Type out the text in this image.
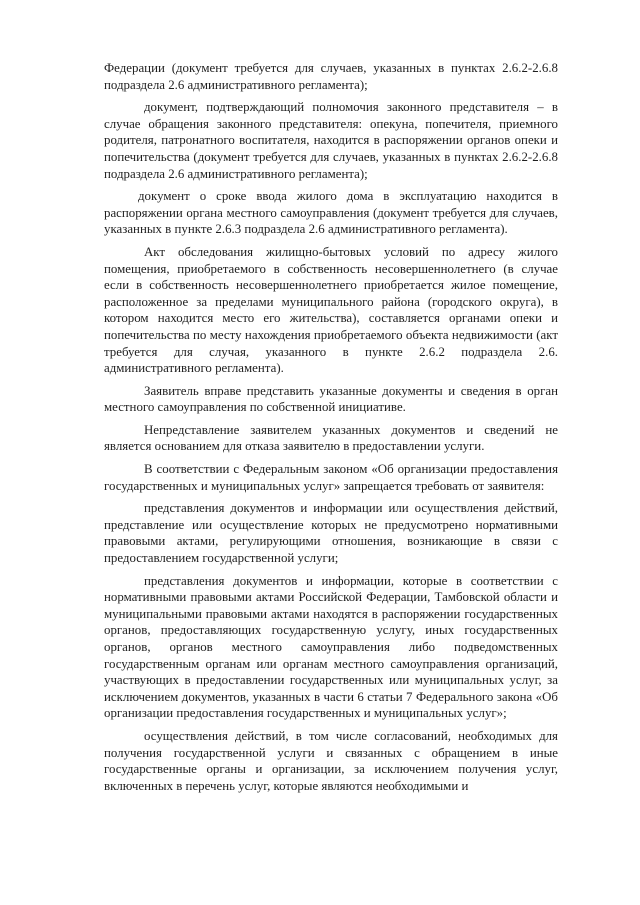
Федерации (документ требуется для случаев, указанных в пунктах 2.6.2-2.6.8 подраздела 2.6 административного регламента);

документ, подтверждающий полномочия законного представителя – в случае обращения законного представителя: опекуна, попечителя, приемного родителя, патронатного воспитателя, находится в распоряжении органов опеки и попечительства (документ требуется для случаев, указанных в пунктах 2.6.2-2.6.8 подраздела 2.6 административного регламента);

документ о сроке ввода жилого дома в эксплуатацию находится в распоряжении органа местного самоуправления (документ требуется для случаев, указанных в пункте 2.6.3 подраздела 2.6 административного регламента).

Акт обследования жилищно-бытовых условий по адресу жилого помещения, приобретаемого в собственность несовершеннолетнего (в случае если в собственность несовершеннолетнего приобретается жилое помещение, расположенное за пределами муниципального района (городского округа), в котором находится место его жительства), составляется органами опеки и попечительства по месту нахождения приобретаемого объекта недвижимости (акт требуется для случая, указанного в пункте 2.6.2 подраздела 2.6. административного регламента).

Заявитель вправе представить указанные документы и сведения в орган местного самоуправления по собственной инициативе.

Непредставление заявителем указанных документов и сведений не является основанием для отказа заявителю в предоставлении услуги.

В соответствии с Федеральным законом «Об организации предоставления государственных и муниципальных услуг» запрещается требовать от заявителя:

представления документов и информации или осуществления действий, представление или осуществление которых не предусмотрено нормативными правовыми актами, регулирующими отношения, возникающие в связи с предоставлением государственной услуги;

представления документов и информации, которые в соответствии с нормативными правовыми актами Российской Федерации, Тамбовской области и муниципальными правовыми актами находятся в распоряжении государственных органов, предоставляющих государственную услугу, иных государственных органов, органов местного самоуправления либо подведомственных государственным органам или органам местного самоуправления организаций, участвующих в предоставлении государственных или муниципальных услуг, за исключением документов, указанных в части 6 статьи 7 Федерального закона «Об организации предоставления государственных и муниципальных услуг»;

осуществления действий, в том числе согласований, необходимых для получения государственной услуги и связанных с обращением в иные государственные органы и организации, за исключением получения услуг, включенных в перечень услуг, которые являются необходимыми и
